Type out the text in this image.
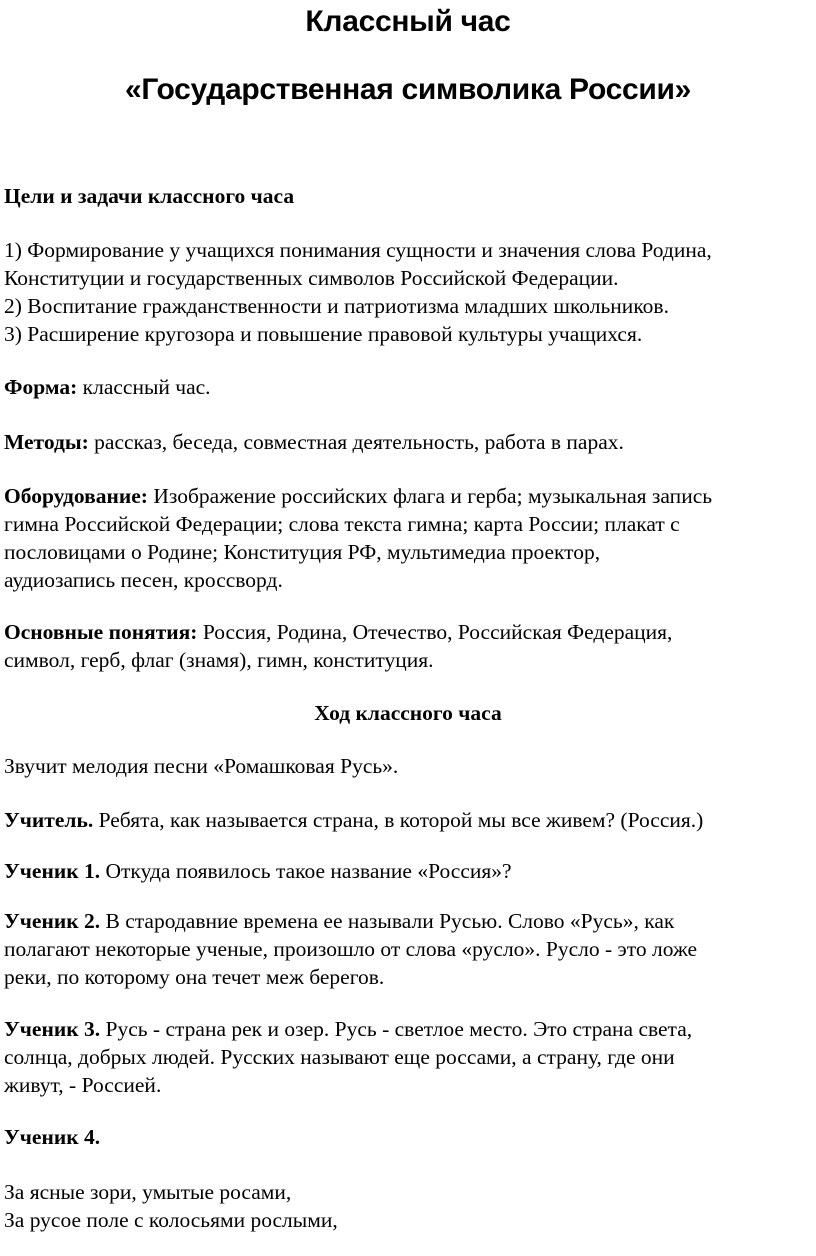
Классный час
«Государственная символика России»
Цели и задачи классного часа
1) Формирование у учащихся понимания сущности и значения слова Родина,
Конституции и государственных символов Российской Федерации.
2) Воспитание гражданственности и патриотизма младших школьников.
3) Расширение кругозора и повышение правовой культуры учащихся.
Форма: классный час.
Методы: рассказ, беседа, совместная деятельность, работа в парах.
Оборудование: Изображение российских флага и герба; музыкальная запись
гимна Российской Федерации; слова текста гимна; карта России; плакат с
пословицами о Родине; Конституция РФ, мультимедиа проектор,
аудиозапись песен, кроссворд.
Основные понятия: Россия, Родина, Отечество, Российская Федерация,
символ, герб, флаг (знамя), гимн, конституция.
Ход классного часа
Звучит мелодия песни «Ромашковая Русь».
Учитель. Ребята, как называется страна, в которой мы все живем? (Россия.)
Ученик 1. Откуда появилось такое название «Россия»?
Ученик 2. В стародавние времена ее называли Русью. Слово «Русь», как
полагают некоторые ученые, произошло от слова «русло». Русло - это ложе
реки, по которому она течет меж берегов.
Ученик 3. Русь - страна рек и озер. Русь - светлое место. Это страна света,
солнца, добрых людей. Русских называют еще россами, а страну, где они
живут, - Россией.
Ученик 4.
За ясные зори, умытые росами,
За русое поле с колосьями рослыми,
